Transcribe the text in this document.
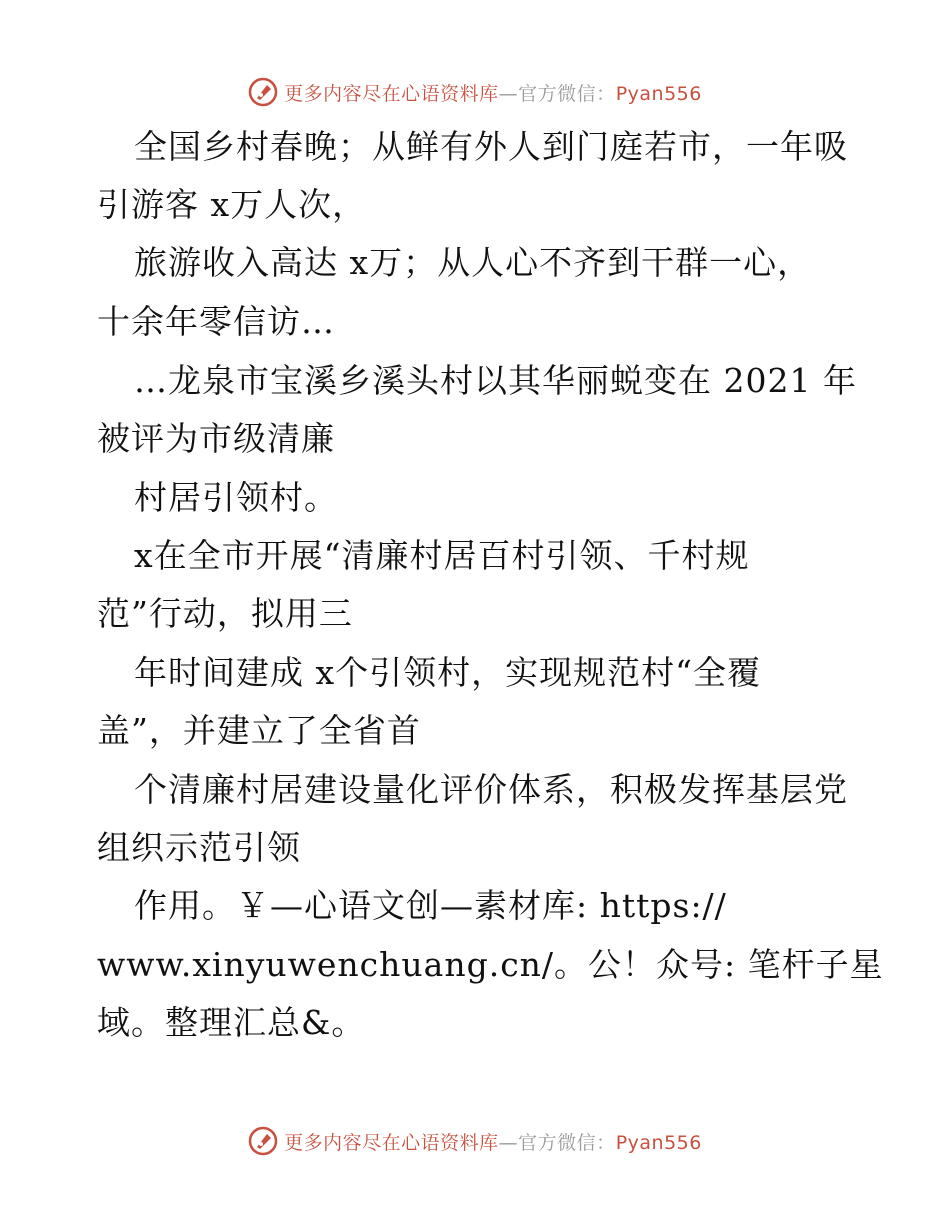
更多内容尽在心语资料库—官方微信：Pyan556
全国乡村春晚；从鲜有外人到门庭若市，一年吸
引游客 x万人次，
旅游收入高达 x万；从人心不齐到干群一心，
十余年零信访…
…龙泉市宝溪乡溪头村以其华丽蜕变在 2021 年
被评为市级清廉
村居引领村。
x在全市开展“清廉村居百村引领、千村规
范”行动，拟用三
年时间建成 x个引领村，实现规范村“全覆
盖”，并建立了全省首
个清廉村居建设量化评价体系，积极发挥基层党
组织示范引领
作用。￥—心语文创—素材库: https://
www.xinyuwenchuang.cn/。公！众号: 笔杆子星
域。整理汇总&。
更多内容尽在心语资料库—官方微信：Pyan556
